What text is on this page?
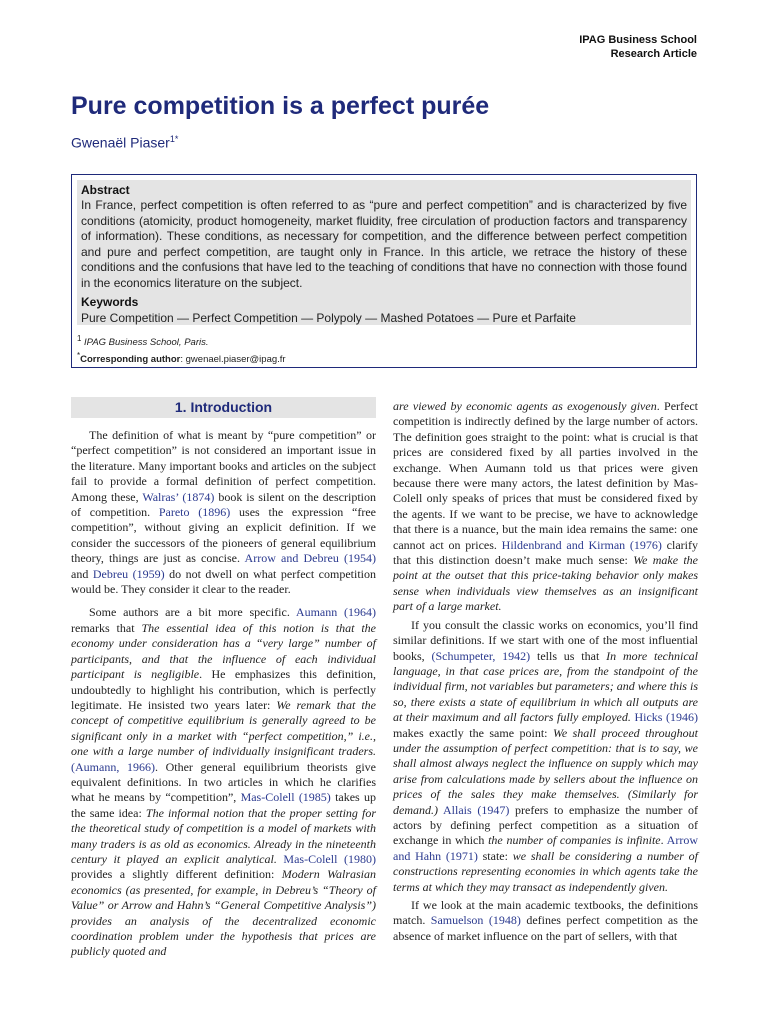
IPAG Business School
Research Article
Pure competition is a perfect purée
Gwenaël Piaser$^{1*}$
Abstract

In France, perfect competition is often referred to as “pure and perfect competition” and is characterized by five conditions (atomicity, product homogeneity, market fluidity, free circulation of production factors and transparency of information). These conditions, as necessary for competition, and the difference between perfect competition and pure and perfect competition, are taught only in France. In this article, we retrace the history of these conditions and the confusions that have led to the teaching of conditions that have no connection with those found in the economics literature on the subject.

Keywords
Pure Competition — Perfect Competition — Polypoly — Mashed Potatoes — Pure et Parfaite
$^1$ IPAG Business School, Paris.
*Corresponding author: gwenael.piaser@ipag.fr
1. Introduction

The definition of what is meant by “pure competition” or “perfect competition” is not considered an important issue in the literature. Many important books and articles on the subject fail to provide a formal definition of perfect competition. Among these, Walras’ (1874) book is silent on the description of competition. Pareto (1896) uses the expression “free competition”, without giving an explicit definition. If we consider the successors of the pioneers of general equilibrium theory, things are just as concise. Arrow and Debreu (1954) and Debreu (1959) do not dwell on what perfect competition would be. They consider it clear to the reader.

Some authors are a bit more specific. Aumann (1964) remarks that The essential idea of this notion is that the economy under consideration has a “very large” number of participants, and that the influence of each individual participant is negligible. He emphasizes this definition, undoubtedly to highlight his contribution, which is perfectly legitimate. He insisted two years later: We remark that the concept of competitive equilibrium is generally agreed to be significant only in a market with “perfect competition,” i.e., one with a large number of individually insignificant traders. (Aumann, 1966). Other general equilibrium theorists give equivalent definitions. In two articles in which he clarifies what he means by “competition”, Mas-Colell (1985) takes up the same idea: The informal notion that the proper setting for the theoretical study of competition is a model of markets with many traders is as old as economics. Already in the nineteenth century it played an explicit analytical. Mas-Colell (1980) provides a slightly different definition: Modern Walrasian economics (as presented, for example, in Debreu’s “Theory of Value” or Arrow and Hahn’s “General Competitive Analysis”) provides an analysis of the decentralized economic coordination problem under the hypothesis that prices are publicly quoted and

are viewed by economic agents as exogenously given. Perfect competition is indirectly defined by the large number of actors. The definition goes straight to the point: what is crucial is that prices are considered fixed by all parties involved in the exchange. When Aumann told us that prices were given because there were many actors, the latest definition by Mas-Colell only speaks of prices that must be considered fixed by the agents. If we want to be precise, we have to acknowledge that there is a nuance, but the main idea remains the same: one cannot act on prices. Hildenbrand and Kirman (1976) clarify that this distinction doesn’t make much sense: We make the point at the outset that this price-taking behavior only makes sense when individuals view themselves as an insignificant part of a large market.

If you consult the classic works on economics, you’ll find similar definitions. If we start with one of the most influential books, (Schumpeter, 1942) tells us that In more technical language, in that case prices are, from the standpoint of the individual firm, not variables but parameters; and where this is so, there exists a state of equilibrium in which all outputs are at their maximum and all factors fully employed. Hicks (1946) makes exactly the same point: We shall proceed throughout under the assumption of perfect competition: that is to say, we shall almost always neglect the influence on supply which may arise from calculations made by sellers about the influence on prices of the sales they make themselves. (Similarly for demand.) Allais (1947) prefers to emphasize the number of actors by defining perfect competition as a situation of exchange in which the number of companies is infinite. Arrow and Hahn (1971) state: we shall be considering a number of constructions representing economies in which agents take the terms at which they may transact as independently given.

If we look at the main academic textbooks, the definitions match. Samuelson (1948) defines perfect competition as the absence of market influence on the part of sellers, with that
